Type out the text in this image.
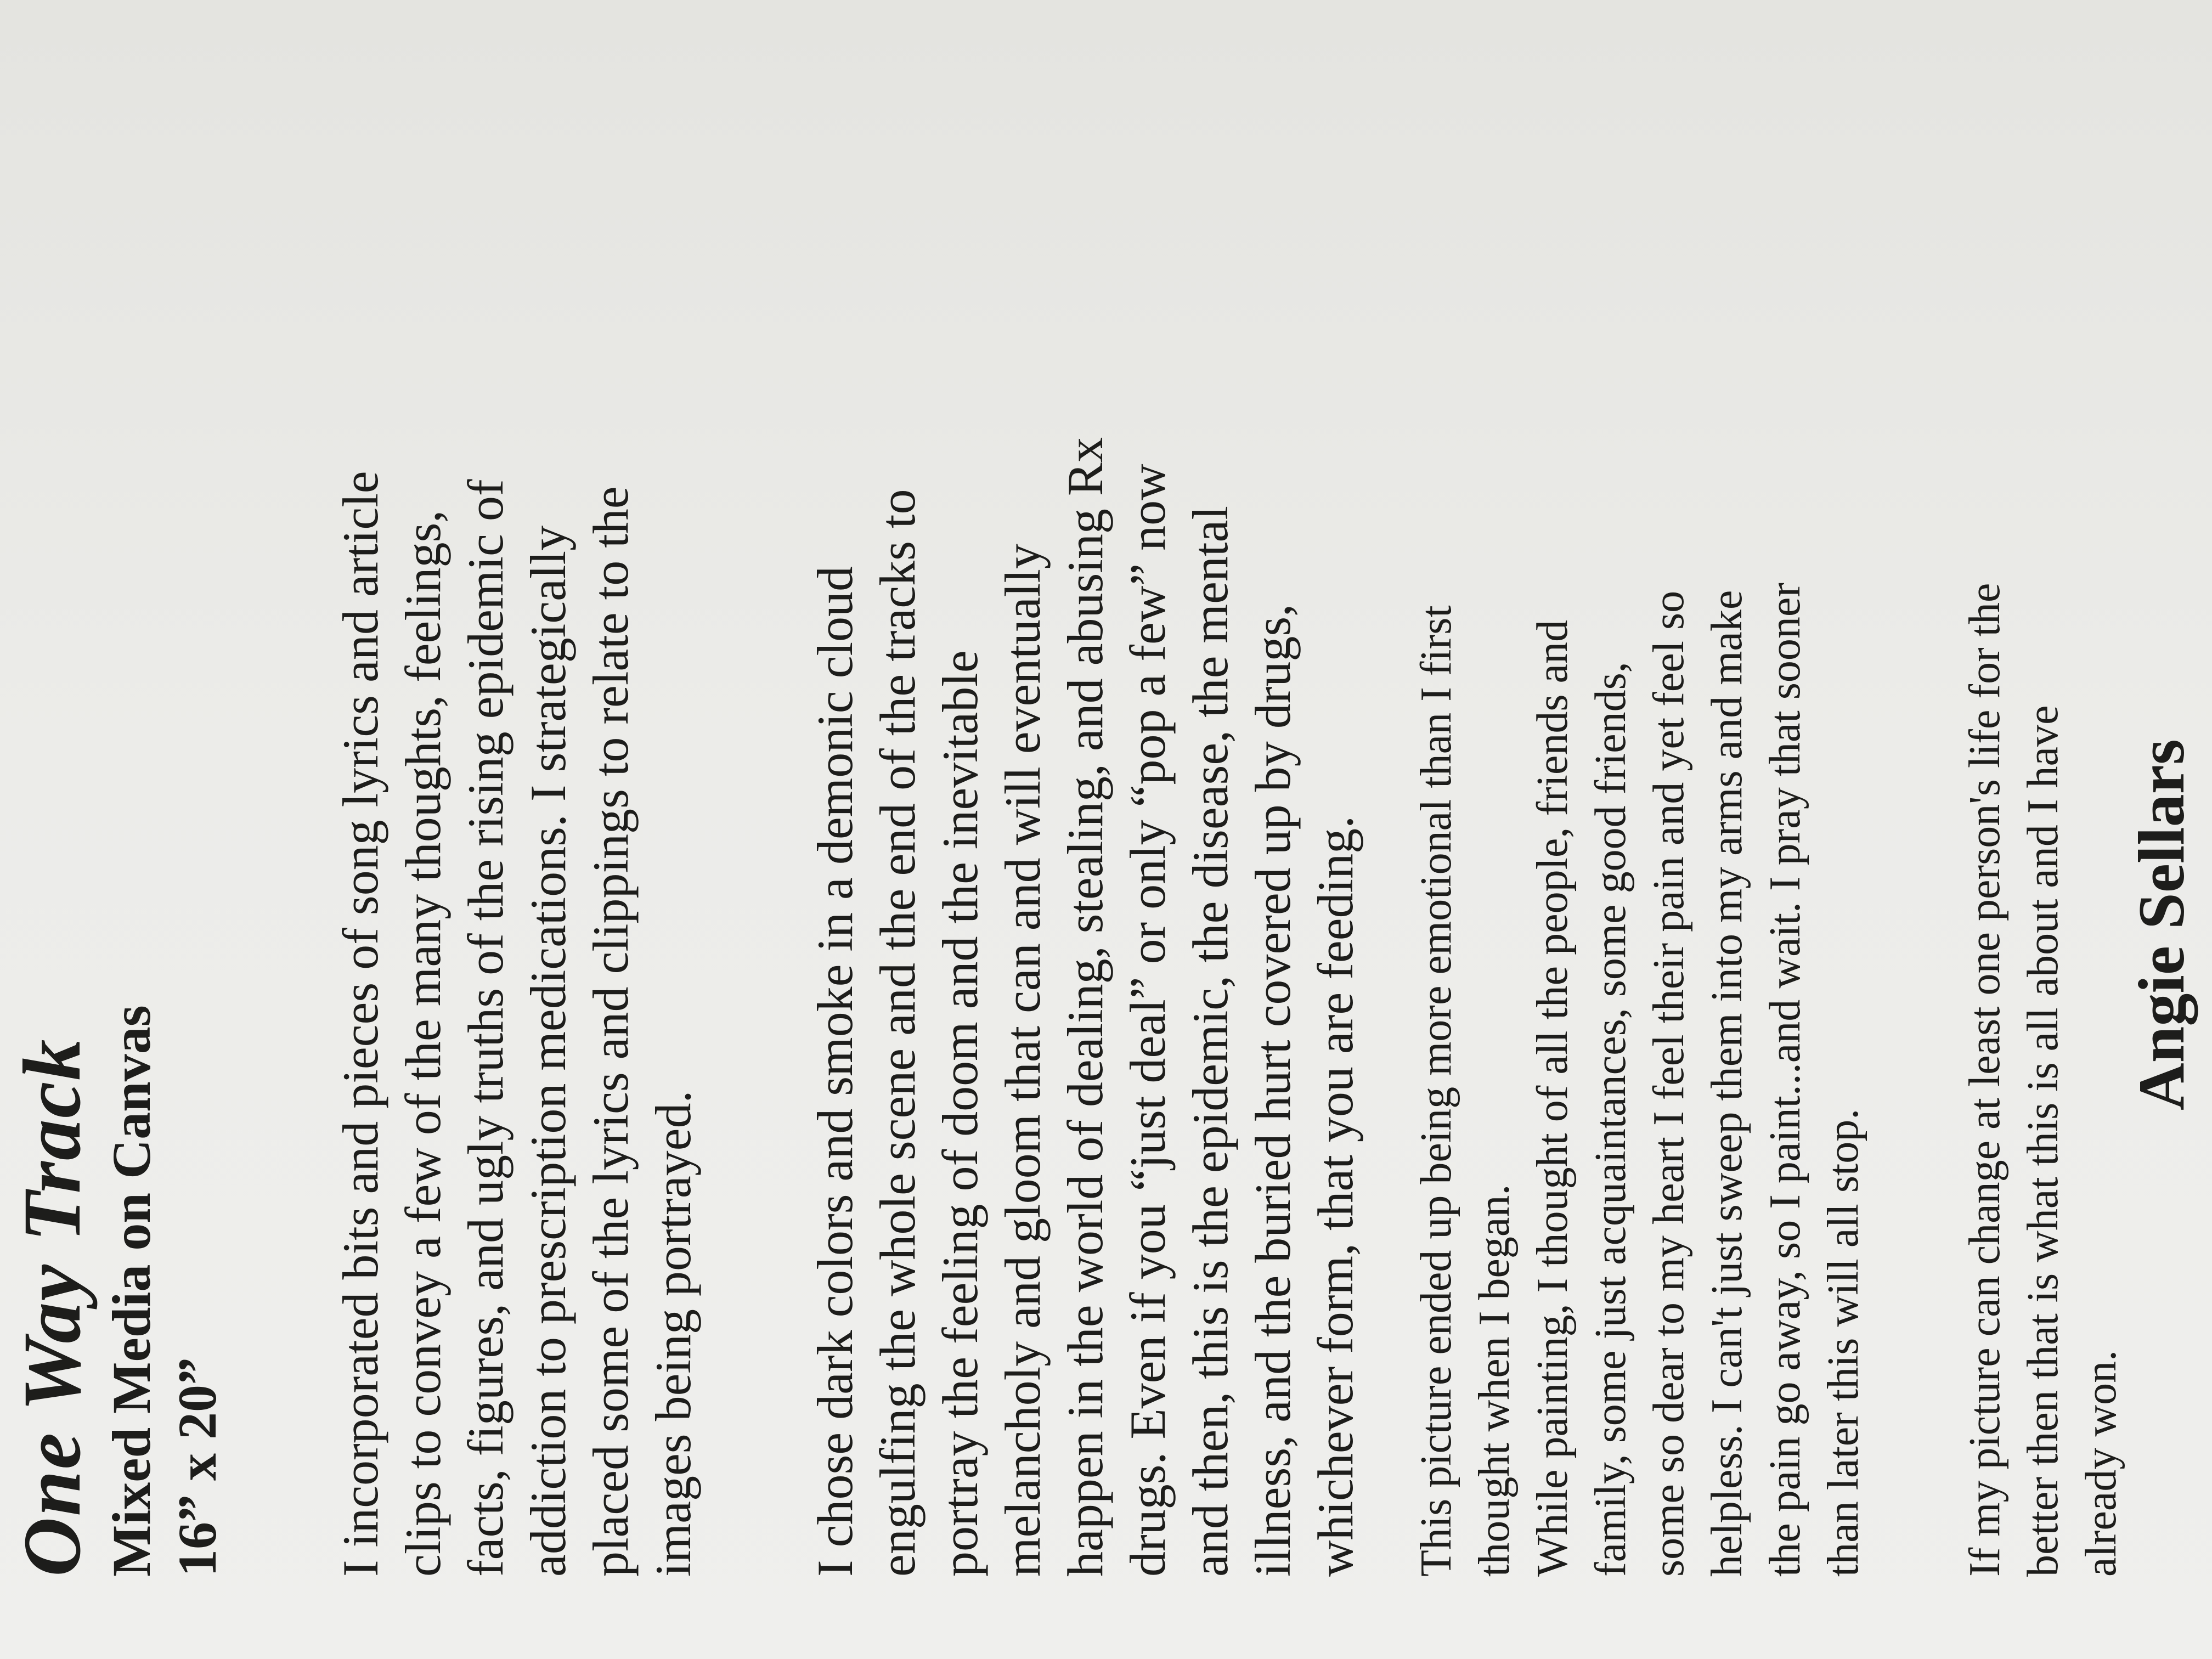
One Way Track Mixed Media on Canvas 16” x 20” I incorporated bits and pieces of song lyrics and article clips to convey a few of the many thoughts, feelings, facts, figures, and ugly truths of the rising epidemic of addiction to prescription medications. I strategically placed some of the lyrics and clippings to relate to the images being portrayed. I chose dark colors and smoke in a demonic cloud engulfing the whole scene and the end of the tracks to portray the feeling of doom and the inevitable melancholy and gloom that can and will eventually happen in the world of dealing, stealing, and abusing Rx drugs. Even if you “just deal” or only “pop a few” now and then, this is the epidemic, the disease, the mental illness, and the buried hurt covered up by drugs, whichever form, that you are feeding. This picture ended up being more emotional than I first thought when I began. While painting, I thought of all the people, friends and family, some just acquaintances, some good friends, some so dear to my heart I feel their pain and yet feel so helpless. I can't just sweep them into my arms and make the pain go away, so I paint...and wait. I pray that sooner than later this will all stop. If my picture can change at least one person's life for the better then that is what this is all about and I have already won.
Angie Sellars
